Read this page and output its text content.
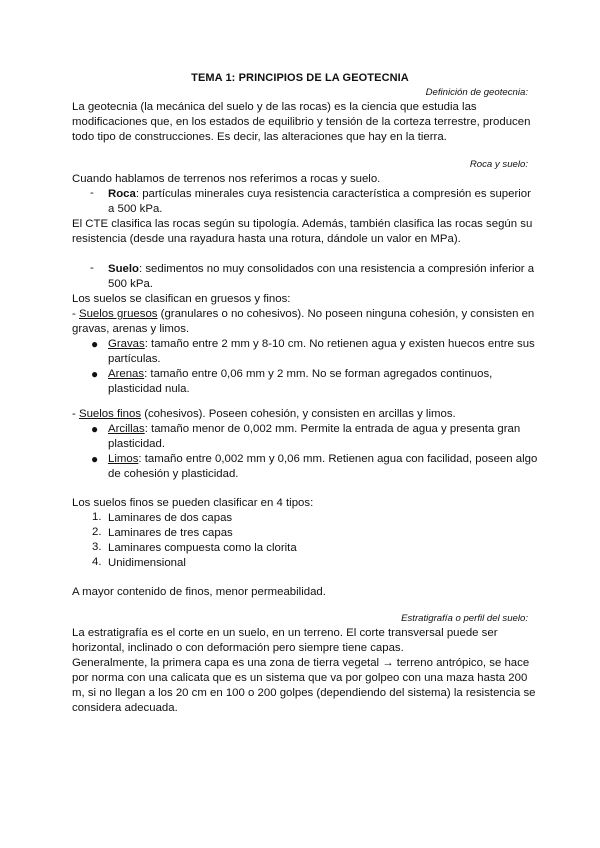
TEMA 1: PRINCIPIOS DE LA GEOTECNIA
Definición de geotecnia:
La geotecnia (la mecánica del suelo y de las rocas) es la ciencia que estudia las
modificaciones que, en los estados de equilibrio y tensión de la corteza terrestre, producen
todo tipo de construcciones. Es decir, las alteraciones que hay en la tierra.
Roca y suelo:
Cuando hablamos de terrenos nos referimos a rocas y suelo.
- Roca: partículas minerales cuya resistencia característica a compresión es superior
a 500 kPa.
El CTE clasifica las rocas según su tipología. Además, también clasifica las rocas según su
resistencia (desde una rayadura hasta una rotura, dándole un valor en MPa).
- Suelo: sedimentos no muy consolidados con una resistencia a compresión inferior a
500 kPa.
Los suelos se clasifican en gruesos y finos:
- Suelos gruesos (granulares o no cohesivos). No poseen ninguna cohesión, y consisten en
gravas, arenas y limos.
● Gravas: tamaño entre 2 mm y 8-10 cm. No retienen agua y existen huecos entre sus
partículas.
● Arenas: tamaño entre 0,06 mm y 2 mm. No se forman agregados continuos,
plasticidad nula.
- Suelos finos (cohesivos). Poseen cohesión, y consisten en arcillas y limos.
● Arcillas: tamaño menor de 0,002 mm. Permite la entrada de agua y presenta gran
plasticidad.
● Limos: tamaño entre 0,002 mm y 0,06 mm. Retienen agua con facilidad, poseen algo
de cohesión y plasticidad.
Los suelos finos se pueden clasificar en 4 tipos:
1. Laminares de dos capas
2. Laminares de tres capas
3. Laminares compuesta como la clorita
4. Unidimensional
A mayor contenido de finos, menor permeabilidad.
Estratigrafía o perfil del suelo:
La estratigrafía es el corte en un suelo, en un terreno. El corte transversal puede ser
horizontal, inclinado o con deformación pero siempre tiene capas.
Generalmente, la primera capa es una zona de tierra vegetal → terreno antrópico, se hace
por norma con una calicata que es un sistema que va por golpeo con una maza hasta 200
m, si no llegan a los 20 cm en 100 o 200 golpes (dependiendo del sistema) la resistencia se
considera adecuada.
